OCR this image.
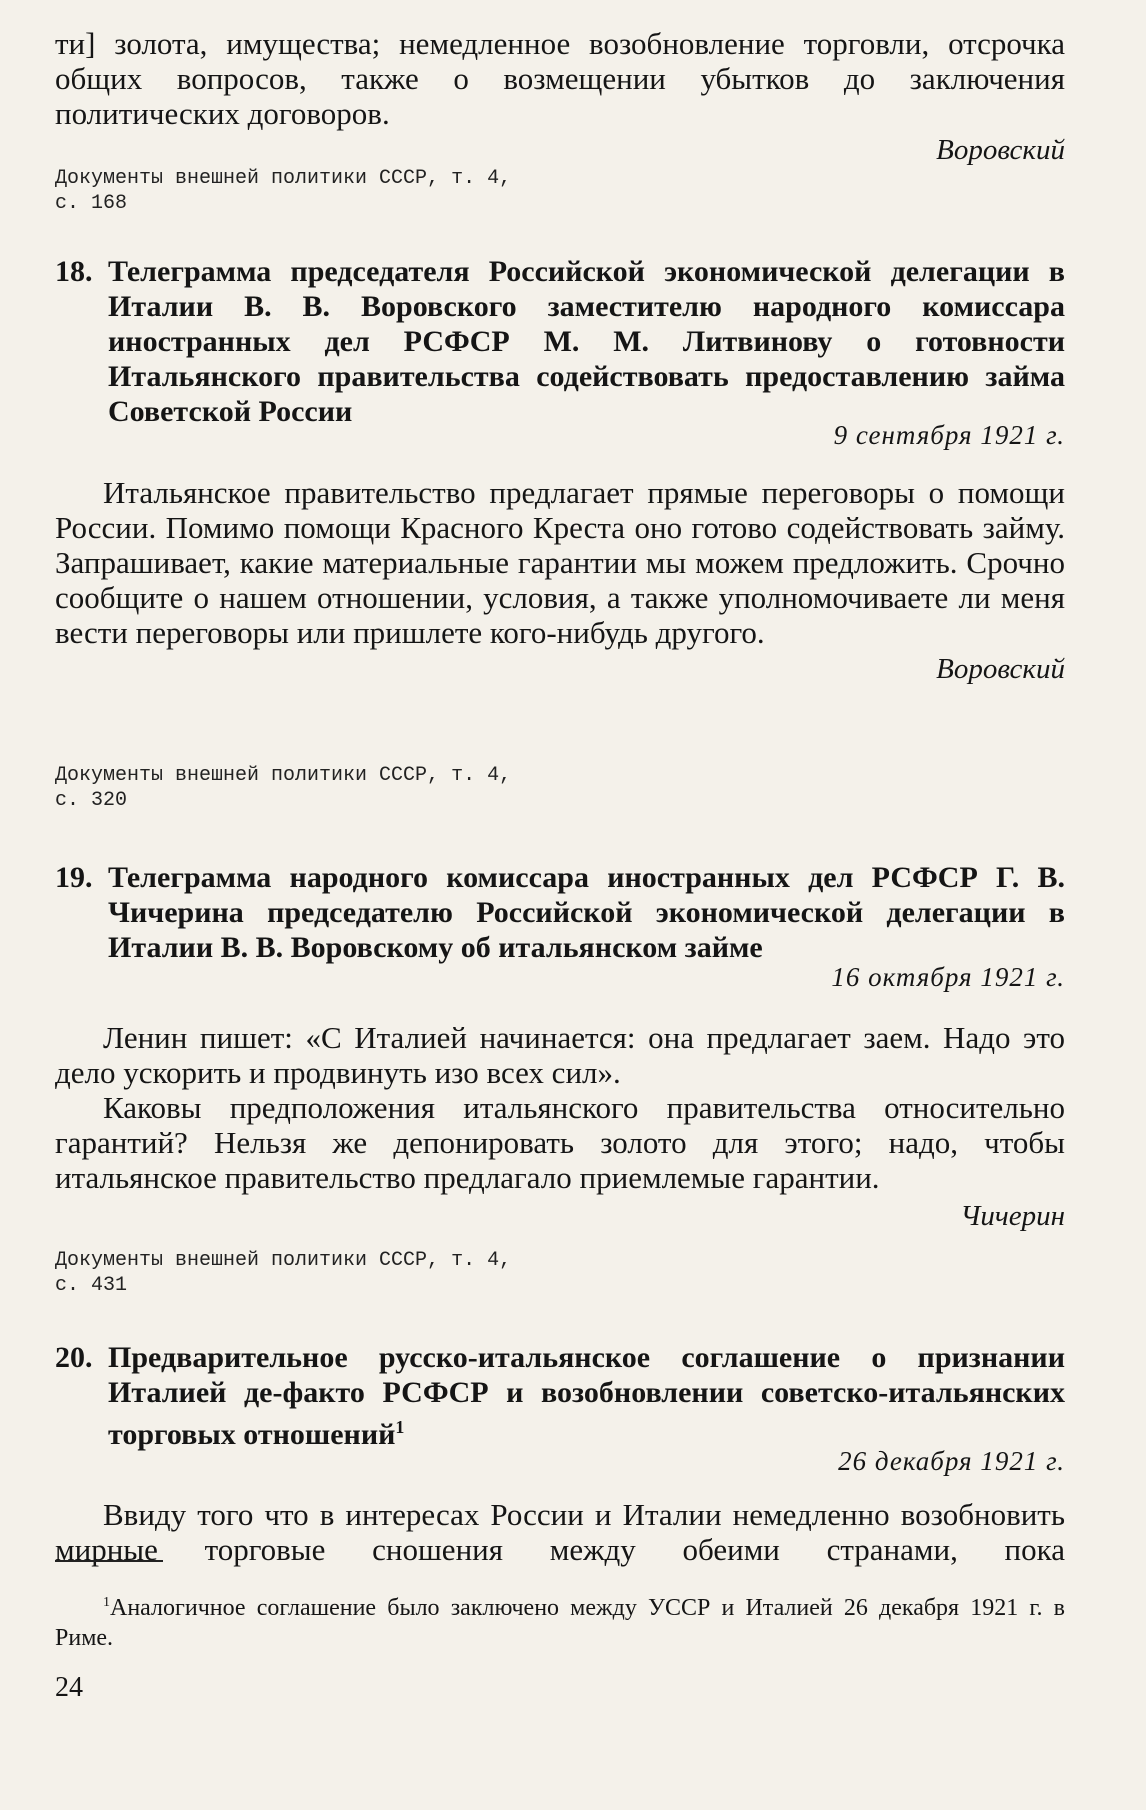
ти] золота, имущества; немедленное возобновление торговли, отсрочка общих вопросов, также о возмещении убытков до заключения политических договоров.

Воровский

Документы внешней политики СССР, т. 4,

с. 168

18. Телеграмма председателя Российской экономической делегации в Италии В. В. Воровского заместителю народного комиссара иностранных дел РСФСР М. М. Литвинову о готовности Итальянского правительства содействовать предоставлению займа Советской России

9 сентября 1921 г.

Итальянское правительство предлагает прямые переговоры о помощи России. Помимо помощи Красного Креста оно готово содействовать займу. Запрашивает, какие материальные гарантии мы можем предложить. Срочно сообщите о нашем отношении, условия, а также уполномочиваете ли меня вести переговоры или пришлете кого-нибудь другого.

Воровский

Документы внешней политики СССР, т. 4,

с. 320

19. Телеграмма народного комиссара иностранных дел РСФСР Г. В. Чичерина председателю Российской экономической делегации в Италии В. В. Воровскому об итальянском займе

16 октября 1921 г.

Ленин пишет: «С Италией начинается: она предлагает заем. Надо это дело ускорить и продвинуть изо всех сил».

Каковы предположения итальянского правительства относительно гарантий? Нельзя же депонировать золото для этого; надо, чтобы итальянское правительство предлагало приемлемые гарантии.

Чичерин

Документы внешней политики СССР, т. 4,

с. 431

20. Предварительное русско-итальянское соглашение о признании Италией де-факто РСФСР и возобновлении советско-итальянских торговых отношений$^1$

26 декабря 1921 г.

Ввиду того что в интересах России и Италии немедленно возобновить мирные торговые сношения между обеими странами, пока

$^1$Аналогичное соглашение было заключено между УССР и Италией 26 декабря 1921 г. в Риме.

24
